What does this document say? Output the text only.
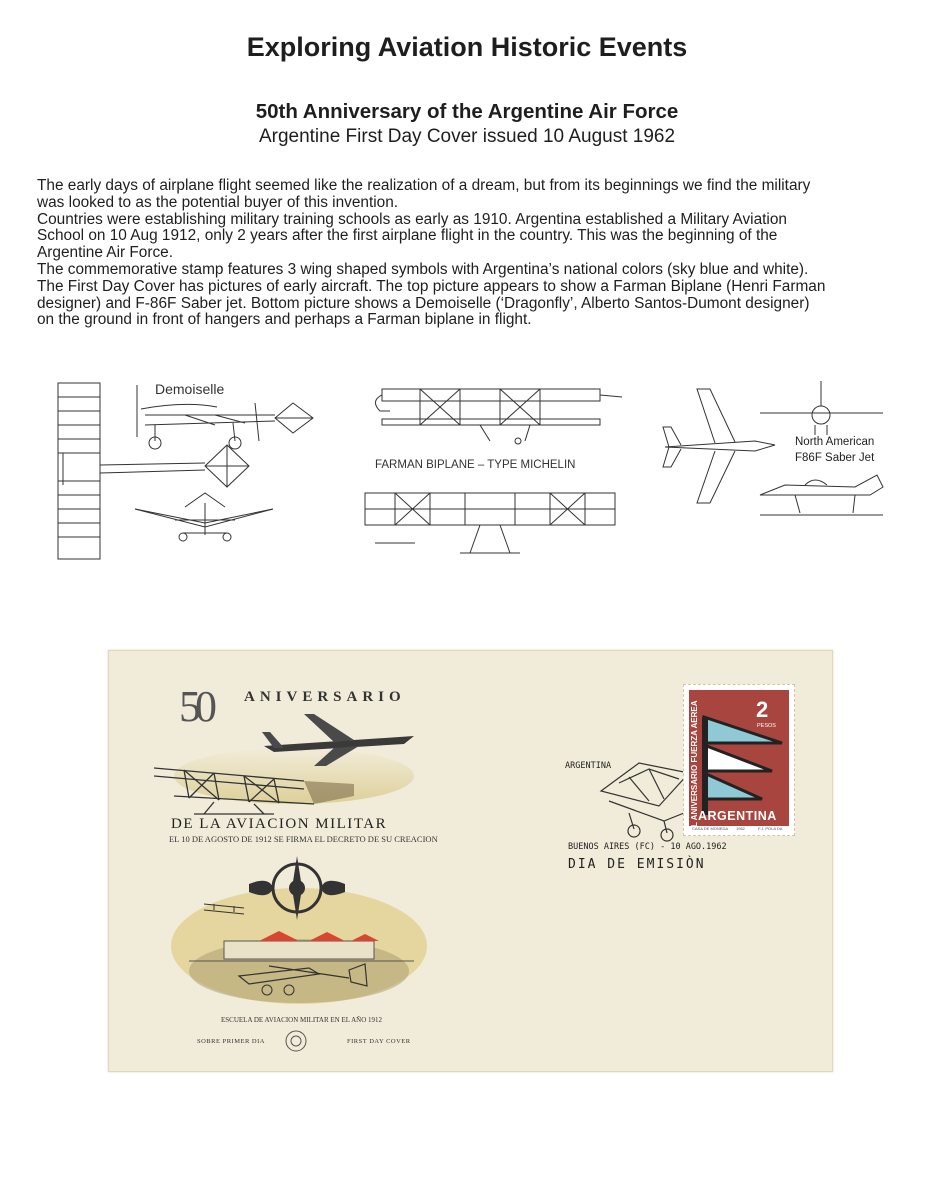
Exploring Aviation Historic Events
50th Anniversary of the Argentine Air Force
Argentine First Day Cover issued 10 August 1962

The early days of airplane flight seemed like the realization of a dream, but from its beginnings we find the military

was looked to as the potential buyer of this invention.

Countries were establishing military training schools as early as 1910. Argentina established a Military Aviation

School on 10 Aug 1912, only 2 years after the first airplane flight in the country. This was the beginning of the

Argentine Air Force.

The commemorative stamp features 3 wing shaped symbols with Argentina’s national colors (sky blue and white).

The First Day Cover has pictures of early aircraft. The top picture appears to show a Farman Biplane (Henri Farman

designer) and F-86F Saber jet. Bottom picture shows a Demoiselle (‘Dragonfly’, Alberto Santos-Dumont designer)

on the ground in front of hangers and perhaps a Farman biplane in flight.

Demoiselle
FARMAN BIPLANE – TYPE MICHELIN
North American
F86F Saber Jet
50 ANIVERSARIO
DE LA AVIACION MILITAR
EL 10 DE AGOSTO DE 1912 SE FIRMA EL DECRETO DE SU CREACION
ESCUELA DE AVIACION MILITAR EN EL AÑO 1912
SOBRE PRIMER DIA	FIRST DAY COVER
ARGENTINA
2
PESOS
L ANIVERSARIO FUERZA AEREA ARGENTINA
CASA DE MONEDA 1962	F.J. POLA DA
BUENOS AIRES (FC) - 10 AGO.1962
DIA DE EMISIÒN
